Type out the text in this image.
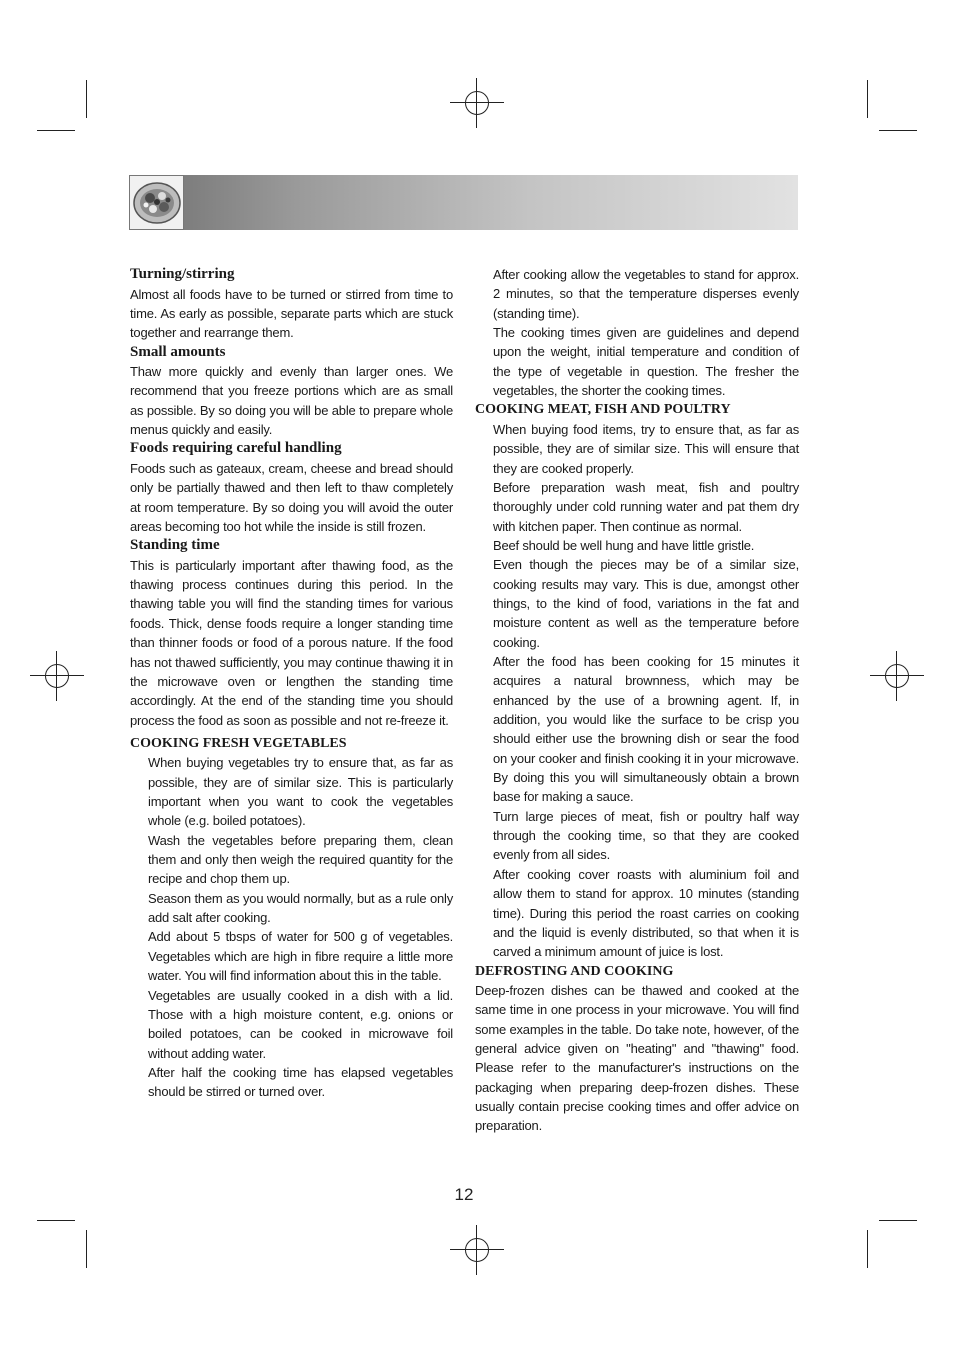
Turning/stirring

Almost all foods have to be turned or stirred from time to time. As early as possible, separate parts which are stuck together and rearrange them.

Small amounts

Thaw more quickly and evenly than larger ones. We recommend that you freeze portions which are as small as possible. By so doing you will be able to prepare whole menus quickly and easily.

Foods requiring careful handling

Foods such as gateaux, cream, cheese and bread should only be partially thawed and then left to thaw completely at room temperature. By so doing you will avoid the outer areas becoming too hot while the inside is still frozen.

Standing time

This is particularly important after thawing food, as the thawing process continues during this period. In the thawing table you will find the standing times for various foods. Thick, dense foods require a longer standing time than thinner foods or food of a porous nature. If the food has not thawed sufficiently, you may continue thawing it in the microwave oven or lengthen the standing time accordingly. At the end of the standing time you should process the food as soon as possible and not re-freeze it.

COOKING FRESH VEGETABLES

When buying vegetables try to ensure that, as far as possible, they are of similar size. This is particularly important when you want to cook the vegetables whole (e.g. boiled potatoes).

Wash the vegetables before preparing them, clean them and only then weigh the required quantity for the recipe and chop them up.

Season them as you would normally, but as a rule only add salt after cooking.

Add about 5 tbsps of water for 500 g of vegetables. Vegetables which are high in fibre require a little more water. You will find information about this in the table.

Vegetables are usually cooked in a dish with a lid. Those with a high moisture content, e.g. onions or boiled potatoes, can be cooked in microwave foil without adding water.

After half the cooking time has elapsed vegetables should be stirred or turned over.

After cooking allow the vegetables to stand for approx. 2 minutes, so that the temperature disperses evenly (standing time).

The cooking times given are guidelines and depend upon the weight, initial temperature and condition of the type of vegetable in question. The fresher the vegetables, the shorter the cooking times.

COOKING MEAT, FISH AND POULTRY

When buying food items, try to ensure that, as far as possible, they are of similar size. This will ensure that they are cooked properly.

Before preparation wash meat, fish and poultry thoroughly under cold running water and pat them dry with kitchen paper. Then continue as normal.

Beef should be well hung and have little gristle.

Even though the pieces may be of a similar size, cooking results may vary. This is due, amongst other things, to the kind of food, variations in the fat and moisture content as well as the temperature before cooking.

After the food has been cooking for 15 minutes it acquires a natural brownness, which may be enhanced by the use of a browning agent. If, in addition, you would like the surface to be crisp you should either use the browning dish or sear the food on your cooker and finish cooking it in your microwave. By doing this you will simultaneously obtain a brown base for making a sauce.

Turn large pieces of meat, fish or poultry half way through the cooking time, so that they are cooked evenly from all sides.

After cooking cover roasts with aluminium foil and allow them to stand for approx. 10 minutes (standing time). During this period the roast carries on cooking and the liquid is evenly distributed, so that when it is carved a minimum amount of juice is lost.

DEFROSTING AND COOKING

Deep-frozen dishes can be thawed and cooked at the same time in one process in your microwave. You will find some examples in the table. Do take note, however, of the general advice given on "heating" and "thawing" food. Please refer to the manufacturer's instructions on the packaging when preparing deep-frozen dishes. These usually contain precise cooking times and offer advice on preparation.

12
